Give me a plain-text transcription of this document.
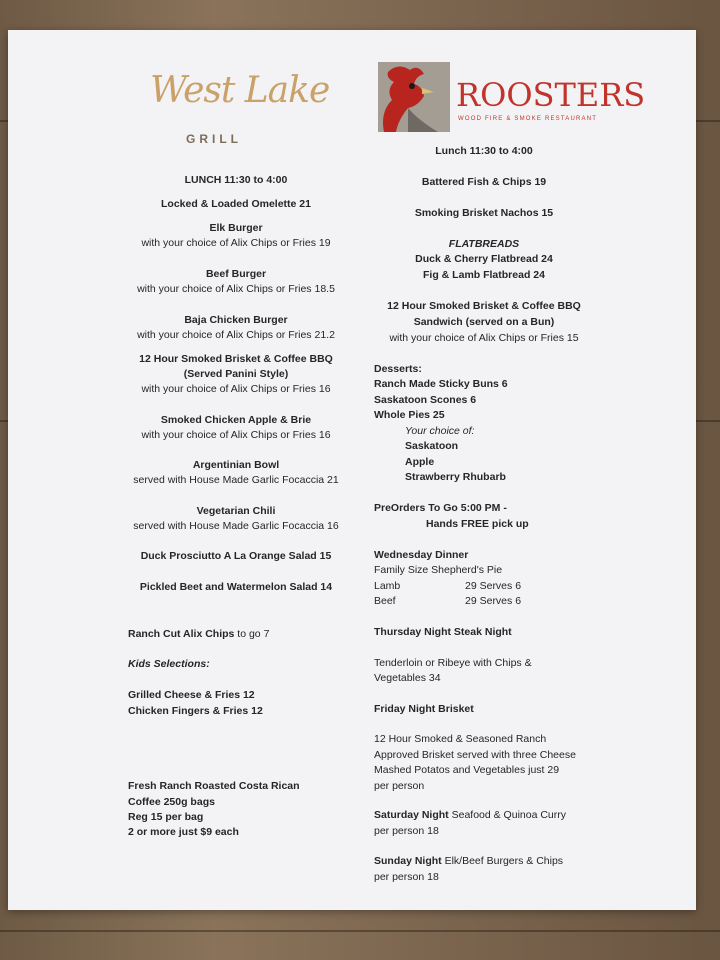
West Lake
GRILL
ROOSTERS
WOOD FIRE & SMOKE RESTAURANT
LUNCH 11:30 to 4:00
Locked & Loaded Omelette 21
Elk Burger
with your choice of Alix Chips or Fries 19
Beef Burger
with your choice of Alix Chips or Fries 18.5
Baja Chicken Burger
with your choice of Alix Chips or Fries 21.2
12 Hour Smoked Brisket & Coffee BBQ
(Served Panini Style)
with your choice of Alix Chips or Fries 16
Smoked Chicken Apple & Brie
with your choice of Alix Chips or Fries 16
Argentinian Bowl
served with House Made Garlic Focaccia 21
Vegetarian Chili
served with House Made Garlic Focaccia 16
Duck Prosciutto A La Orange Salad 15
Pickled Beet and Watermelon Salad 14
Ranch Cut Alix Chips to go 7
Kids Selections:
Grilled Cheese & Fries 12
Chicken Fingers & Fries 12
Fresh Ranch Roasted Costa Rican
Coffee 250g bags
Reg 15 per bag
2 or more just $9 each
Lunch 11:30 to 4:00
Battered Fish & Chips 19
Smoking Brisket Nachos 15
FLATBREADS
Duck & Cherry Flatbread 24
Fig & Lamb Flatbread 24
12 Hour Smoked Brisket & Coffee BBQ
Sandwich (served on a Bun)
with your choice of Alix Chips or Fries 15
Desserts:
Ranch Made Sticky Buns 6
Saskatoon Scones 6
Whole Pies 25
Your choice of:
Saskatoon
Apple
Strawberry Rhubarb
PreOrders To Go 5:00 PM -
Hands FREE pick up
Wednesday Dinner
Family Size Shepherd's Pie
Lamb	29 Serves 6
Beef	29 Serves 6
Thursday Night Steak Night
Tenderloin or Ribeye with Chips &
Vegetables 34
Friday Night Brisket
12 Hour Smoked & Seasoned Ranch
Approved Brisket served with three Cheese
Mashed Potatos and Vegetables just 29
per person
Saturday Night Seafood & Quinoa Curry
per person 18
Sunday Night Elk/Beef Burgers & Chips
per person 18
